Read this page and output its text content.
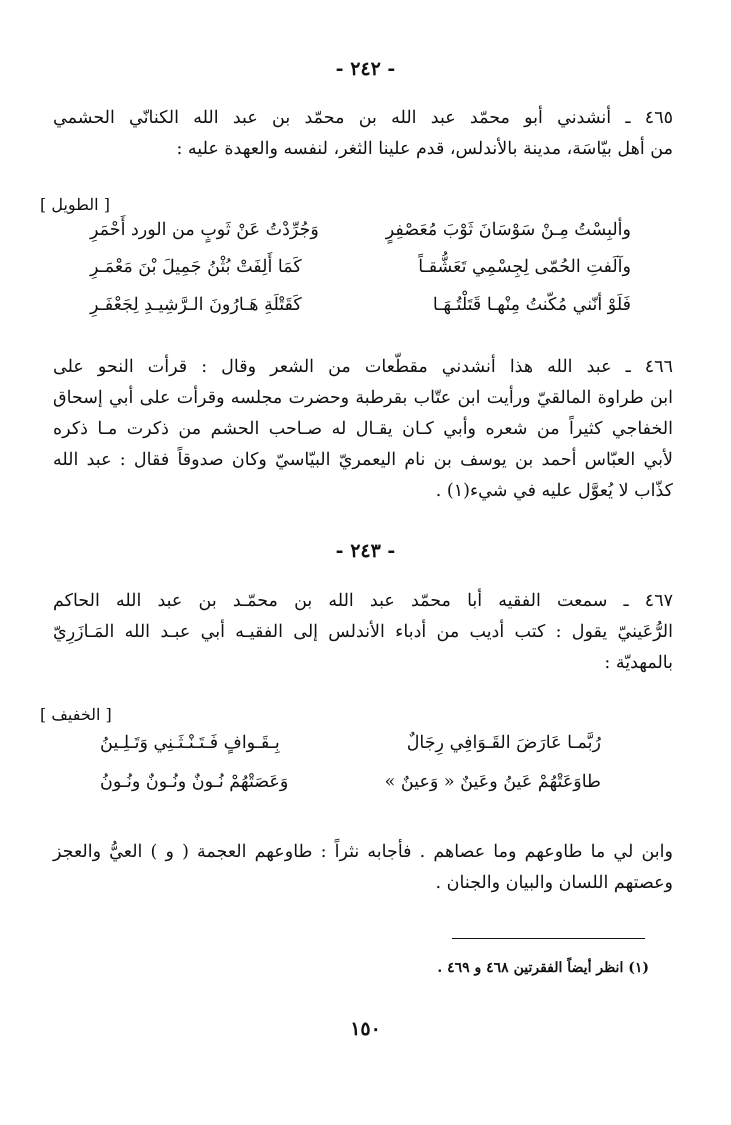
- ٢٤٢ -
٤٦٥ ـ أنشدني أبو محمّد عبد الله بن محمّد بن عبد الله الكنانّي الحشمي
من أهل بيّاسَة، مدينة بالأندلس، قدم علينا الثغر، لنفسه والعهدة عليه :
[ الطويل ]
وألبِسْتُ مِـنْ سَوْسَانَ ثَوْبَ مُعَصْفِرٍ
وَجُرِّدْتُ عَنْ ثَوبٍ من الورد أَحْمَرِ
وآلَفتِ الحُمّى لِجِسْمِي تَعَشُّقـاً
كَمَا أَلِفَتْ بُثْنُ جَمِيلَ بْنَ مَعْمَـرِ
فَلَوْ أنّني مُكّنتُ مِنْهـا قَتَلْتُـهَـا
كَقَتْلَةِ هَـارُونَ الـرَّشِيـدِ لِجَعْفَـرِ
٤٦٦ ـ عبد الله هذا أنشدني مقطّعات من الشعر وقال : قرأت النحو على
ابن طراوة المالقيّ ورأيت ابن عتّاب بقرطبة وحضرت مجلسه وقرأت على أبي إسحاق
الخفاجي كثيراً من شعره وأبي كـان يقـال له صـاحب الحشم من ذكرت مـا ذكره
لأبي العبّاس أحمد بن يوسف بن نام اليعمريّ البيّاسيّ وكان صدوقاً فقال : عبد الله
كذّاب لا يُعوَّل عليه في شيء(١) .
- ٢٤٣ -
٤٦٧ ـ سمعت الفقيه أبا محمّد عبد الله بن محمّـد بن عبد الله الحاكم
الرُّعَينيّ يقول : كتب أديب من أدباء الأندلس إلى الفقيـه أبي عبـد الله المَـازَرِيّ
بالمهديّة :
[ الخفيف ]
رُبَّمـا عَارَضَ القَـوَافِي رِجَالٌ
بِـقَـوافٍ فَـتَـنْـثَـنِي وَتَـلِـينُ
طاوَعَتْهُمْ عَينُ وعَينٌ « وَعينٌ »
وَعَصَتْهُمْ نُـونٌ ونُـونٌ ونُـونُ
وابن لي ما طاوعهم وما عصاهم . فأجابه نثراً : طاوعهم العجمة ( و ) العيُّ والعجز
وعصتهم اللسان والبيان والجنان .
(١) انظر أيضاً الفقرتين ٤٦٨ و ٤٦٩ .
١٥٠
